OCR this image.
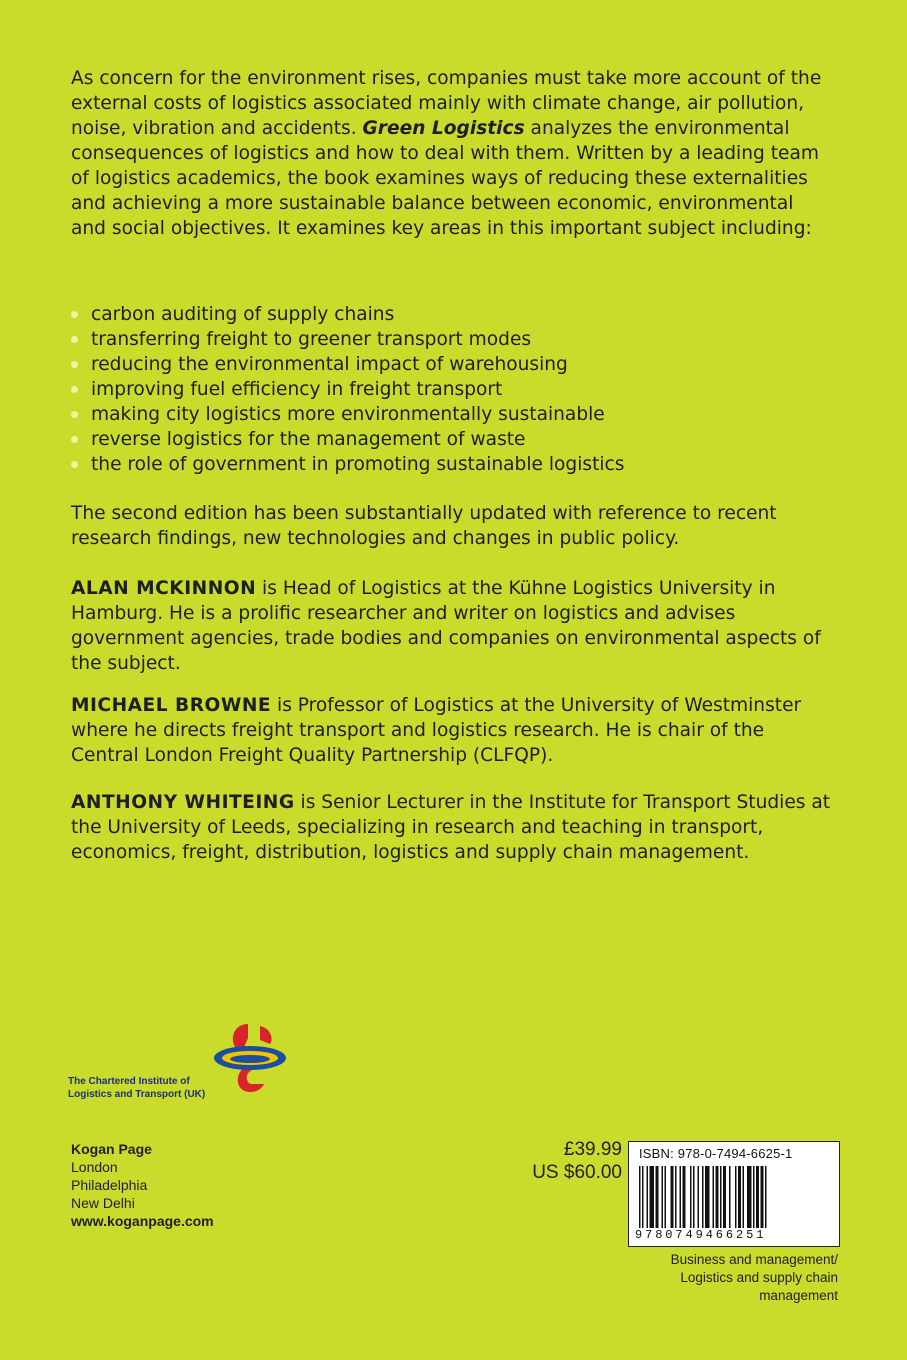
As concern for the environment rises, companies must take more account of the external costs of logistics associated mainly with climate change, air pollution, noise, vibration and accidents. Green Logistics analyzes the environmental consequences of logistics and how to deal with them. Written by a leading team of logistics academics, the book examines ways of reducing these externalities and achieving a more sustainable balance between economic, environmental and social objectives. It examines key areas in this important subject including:

carbon auditing of supply chains
transferring freight to greener transport modes
reducing the environmental impact of warehousing
improving fuel efficiency in freight transport
making city logistics more environmentally sustainable
reverse logistics for the management of waste
the role of government in promoting sustainable logistics

The second edition has been substantially updated with reference to recent research findings, new technologies and changes in public policy.

ALAN MCKINNON is Head of Logistics at the Kühne Logistics University in Hamburg. He is a prolific researcher and writer on logistics and advises government agencies, trade bodies and companies on environmental aspects of the subject.

MICHAEL BROWNE is Professor of Logistics at the University of Westminster where he directs freight transport and logistics research. He is chair of the Central London Freight Quality Partnership (CLFQP).

ANTHONY WHITEING is Senior Lecturer in the Institute for Transport Studies at the University of Leeds, specializing in research and teaching in transport, economics, freight, distribution, logistics and supply chain management.

The Chartered Institute of
Logistics and Transport (UK)
Kogan Page
London
Philadelphia
New Delhi
www.koganpage.com
£39.99
US $60.00
ISBN: 978-0-7494-6625-1
9780749466251
Business and management/
Logistics and supply chain
management
